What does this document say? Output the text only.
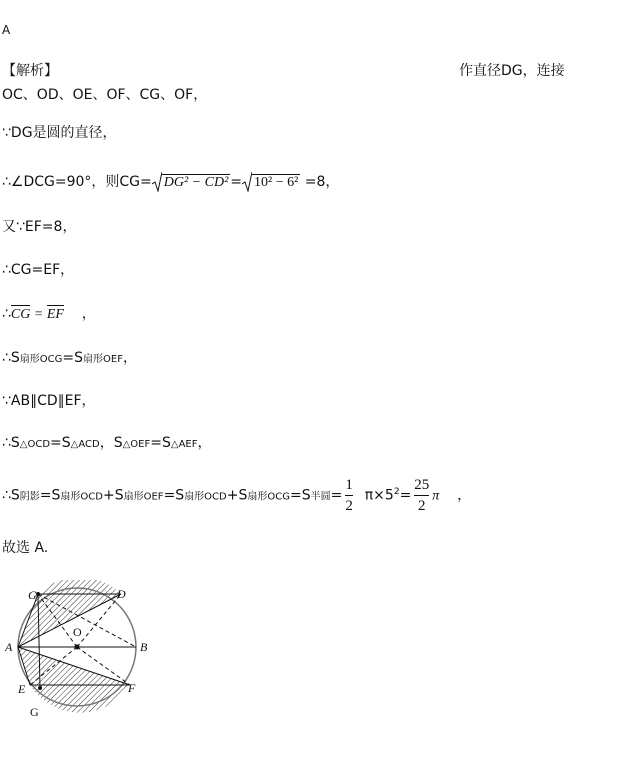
A
【解析】	作直径DG，连接
OC、OD、OE、OF、CG、OF，
∵DG是圆的直径，
∴∠DCG=90°，则CG= DG² − CD² = 10² − 6² =8，
又∵EF=8，
∴CG=EF，
∴CG = EF ，
∴S扇形OCG=S扇形OEF，
∵AB∥CD∥EF，
∴S△OCD=S△ACD，S△OEF=S△AEF，
∴S阴影=S扇形OCD+S扇形OEF=S扇形OCD+S扇形OCG=S半圆= $\frac{1}{2} \pi\times 5^2= \frac{25}{2}$ π ，
故选 A.
G	D
O
A	B
E	F
G
